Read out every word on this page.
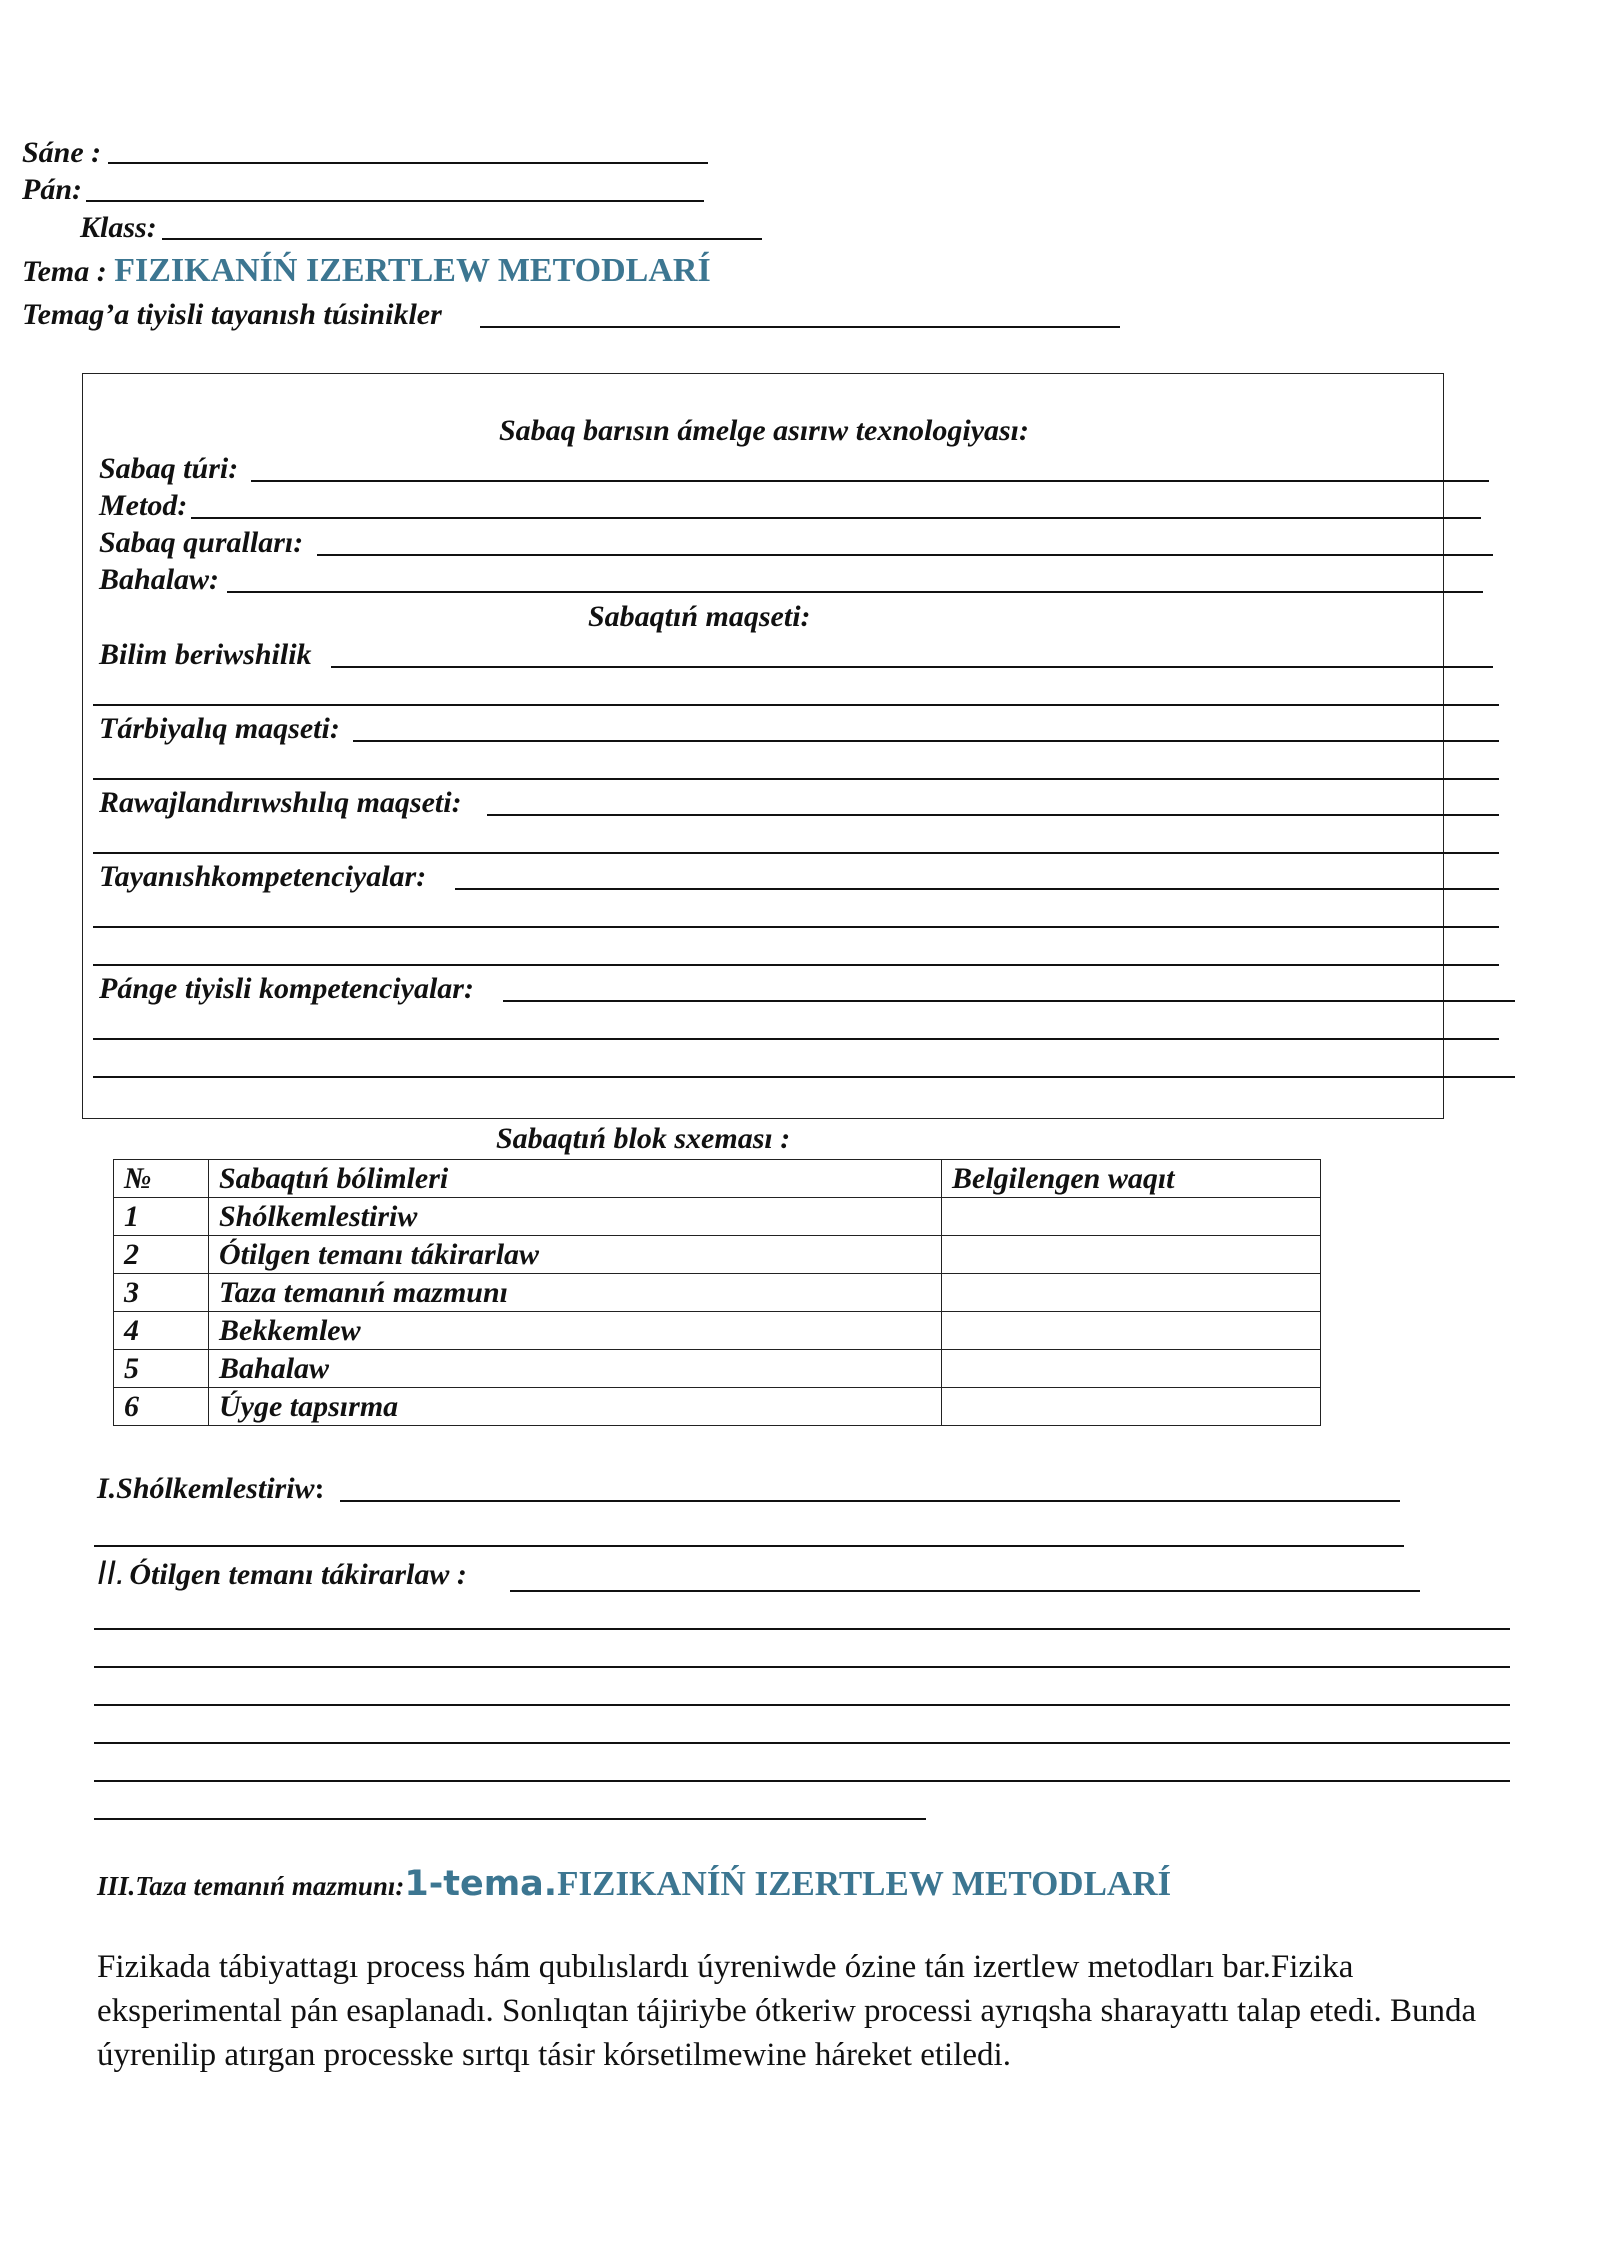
Sáne :
Pán:
Klass:
Tema : FIZIKANÍŃ IZERTLEW METODLARÍ
Temag’a tiyisli tayanısh túsinikler
Sabaq barısın ámelge asırıw texnologiyası:
Sabaq túri:
Metod:
Sabaq quralları:
Bahalaw:
Sabaqtıń maqseti:
Bilim beriwshilik
Tárbiyalıq maqseti:
Rawajlandırıwshılıq maqseti:
Tayanıshkompetenciyalar:
Pánge tiyisli kompetenciyalar:
Sabaqtıń blok sxeması :
№	Sabaqtıń bólimleri	Belgilengen waqıt
1	Shólkemlestiriw	
2	Ótilgen temanı tákirarlaw	
3	Taza temanıń mazmunı	
4	Bekkemlew	
5	Bahalaw	
6	Úyge tapsırma	
I.Shólkemlestiriw:
II. Ótilgen temanı tákirarlaw :
III.Taza temanıń mazmunı:1-tema.FIZIKANÍŃ IZERTLEW METODLARÍ
Fizikada tábiyattagı process hám qubılıslardı úyreniwde ózine tán izertlew metodları bar.Fizika eksperimental pán esaplanadı. Sonlıqtan tájiriybe ótkeriw processi ayrıqsha sharayattı talap etedi. Bunda úyrenilip atırgan processke sırtqı tásir kórsetilmewine háreket etiledi.
